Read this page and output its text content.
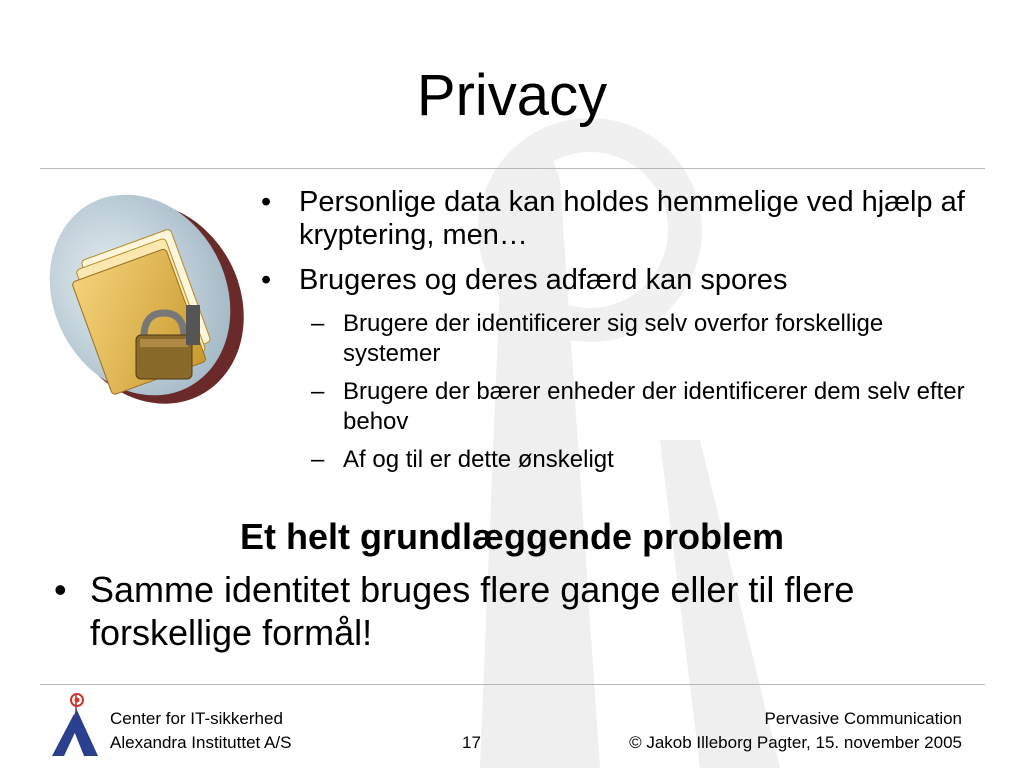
Privacy
• Personlige data kan holdes hemmelige ved hjælp af kryptering, men…
• Brugeres og deres adfærd kan spores
– Brugere der identificerer sig selv overfor forskellige systemer
– Brugere der bærer enheder der identificerer dem selv efter behov
– Af og til er dette ønskeligt
Et helt grundlæggende problem
• Samme identitet bruges flere gange eller til flere forskellige formål!
Center for IT-sikkerhed
Alexandra Instituttet A/S	17
Pervasive Communication
© Jakob Illeborg Pagter, 15. november 2005
